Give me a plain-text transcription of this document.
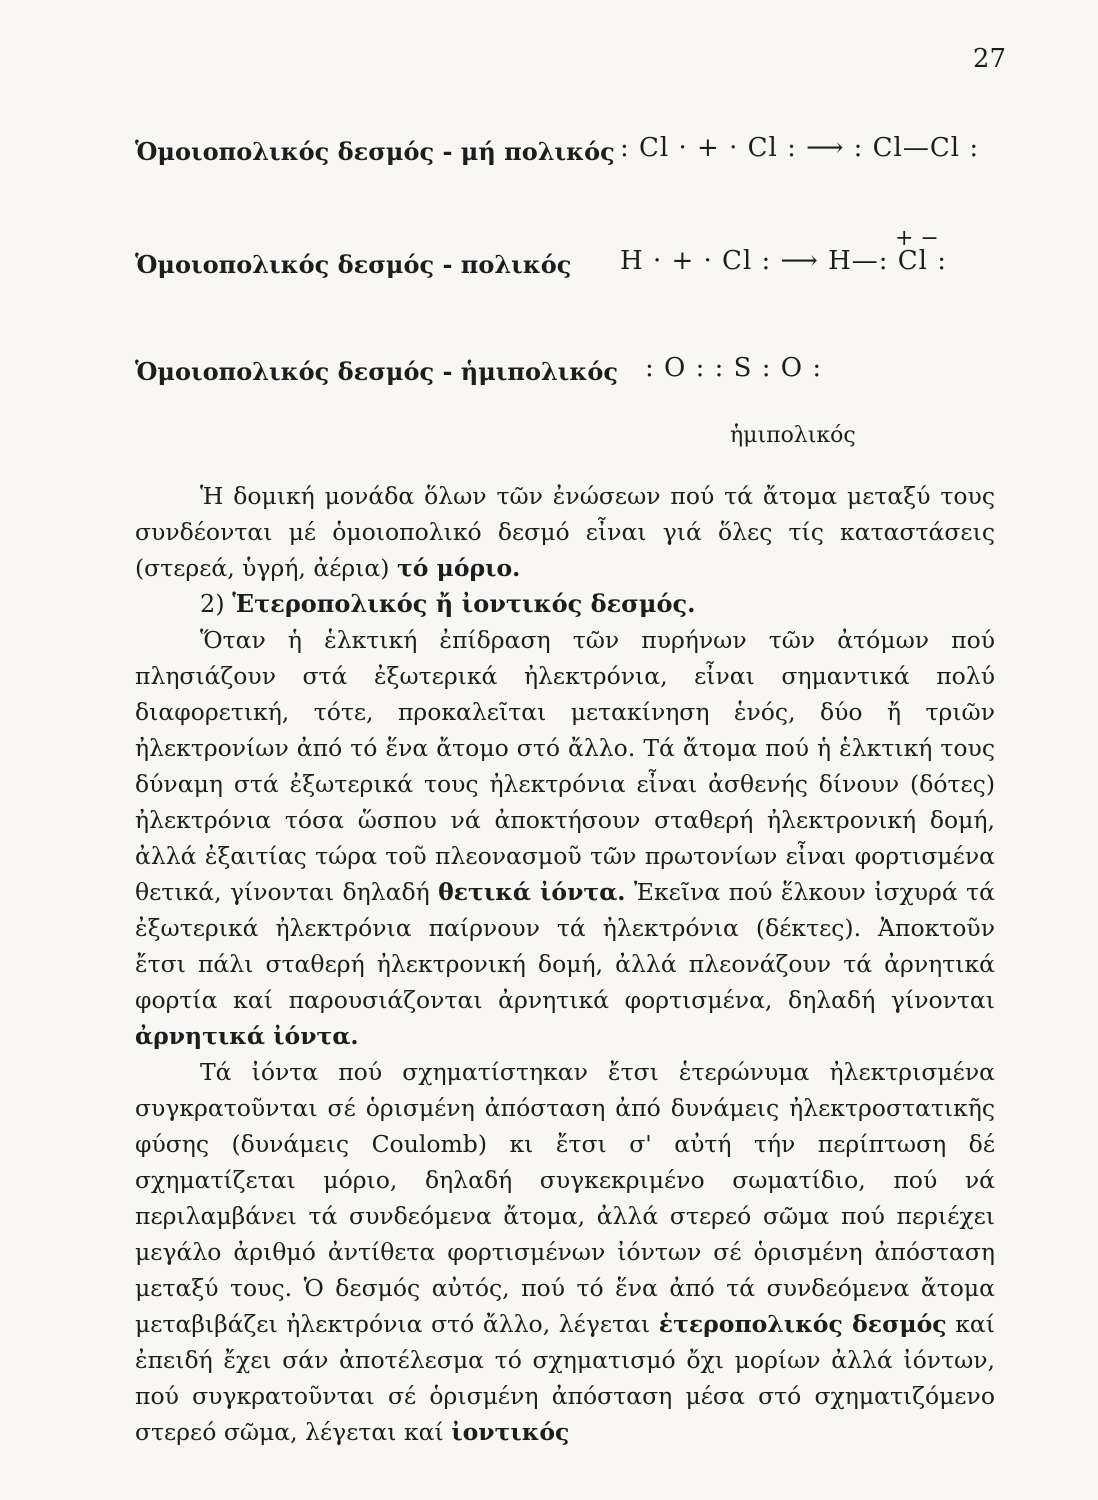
27
Ὁμοιοπολικός δεσμός - μή πολικός : Cl · + · Cl : ⟶ : Cl—Cl :
Ὁμοιοπολικός δεσμός - πολικός
+ −
H · + · Cl : ⟶ H—: Cl :
Ὁμοιοπολικός δεσμός - ἡμιπολικός : O : : S : O :
ἡμιπολικός

Ἡ δομική μονάδα ὅλων τῶν ἐνώσεων πού τά ἄτομα μεταξύ τους συνδέονται μέ ὁμοιοπολικό δεσμό εἶναι γιά ὅλες τίς καταστάσεις (στερεά, ὑγρή, ἀέρια) τό μόριο.

2) Ἑτεροπολικός ἤ ἰοντικός δεσμός.

Ὅταν ἡ ἑλκτική ἐπίδραση τῶν πυρήνων τῶν ἀτόμων πού πλησιάζουν στά ἐξωτερικά ἠλεκτρόνια, εἶναι σημαντικά πολύ διαφορετική, τότε, προκαλεῖται μετακίνηση ἑνός, δύο ἤ τριῶν ἠλεκτρονίων ἀπό τό ἕνα ἄτομο στό ἄλλο. Τά ἄτομα πού ἡ ἑλκτική τους δύναμη στά ἐξωτερικά τους ἠλεκτρόνια εἶναι ἀσθενής δίνουν (δότες) ἠλεκτρόνια τόσα ὥσπου νά ἀποκτήσουν σταθερή ἠλεκτρονική δομή, ἀλλά ἐξαιτίας τώρα τοῦ πλεονασμοῦ τῶν πρωτονίων εἶναι φορτισμένα θετικά, γίνονται δηλαδή θετικά ἰόντα. Ἐκεῖνα πού ἕλκουν ἰσχυρά τά ἐξωτερικά ἠλεκτρόνια παίρνουν τά ἠλεκτρόνια (δέκτες). Ἀποκτοῦν ἔτσι πάλι σταθερή ἠλεκτρονική δομή, ἀλλά πλεονάζουν τά ἀρνητικά φορτία καί παρουσιάζονται ἀρνητικά φορτισμένα, δηλαδή γίνονται ἀρνητικά ἰόντα.

Τά ἰόντα πού σχηματίστηκαν ἔτσι ἑτερώνυμα ἠλεκτρισμένα συγκρατοῦνται σέ ὁρισμένη ἀπόσταση ἀπό δυνάμεις ἠλεκτροστατικῆς φύσης (δυνάμεις Coulomb) κι ἔτσι σ' αὐτή τήν περίπτωση δέ σχηματίζεται μόριο, δηλαδή συγκεκριμένο σωματίδιο, πού νά περιλαμβάνει τά συνδεόμενα ἄτομα, ἀλλά στερεό σῶμα πού περιέχει μεγάλο ἀριθμό ἀντίθετα φορτισμένων ἰόντων σέ ὁρισμένη ἀπόσταση μεταξύ τους. Ὁ δεσμός αὐτός, πού τό ἕνα ἀπό τά συνδεόμενα ἄτομα μεταβιβάζει ἠλεκτρόνια στό ἄλλο, λέγεται ἑτεροπολικός δεσμός καί ἐπειδή ἔχει σάν ἀποτέλεσμα τό σχηματισμό ὄχι μορίων ἀλλά ἰόντων, πού συγκρατοῦνται σέ ὁρισμένη ἀπόσταση μέσα στό σχηματιζόμενο στερεό σῶμα, λέγεται καί ἰοντικός
